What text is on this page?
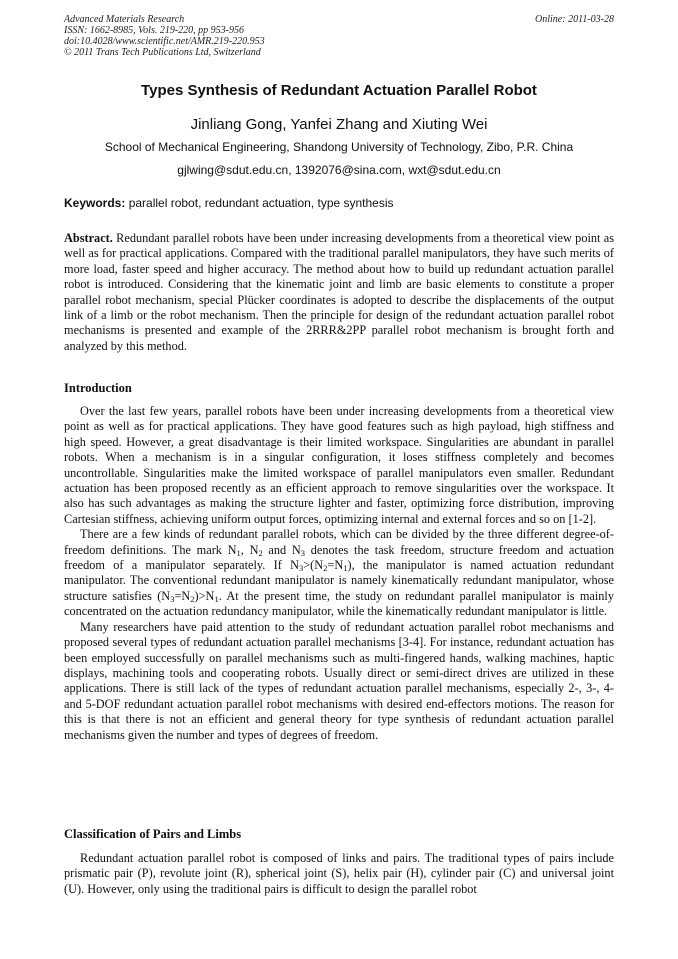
Advanced Materials Research
ISSN: 1662-8985, Vols. 219-220, pp 953-956
doi:10.4028/www.scientific.net/AMR.219-220.953
© 2011 Trans Tech Publications Ltd, Switzerland
Online: 2011-03-28
Types Synthesis of Redundant Actuation Parallel Robot
Jinliang Gong, Yanfei Zhang and Xiuting Wei
School of Mechanical Engineering, Shandong University of Technology, Zibo, P.R. China
gjlwing@sdut.edu.cn, 1392076@sina.com, wxt@sdut.edu.cn
Keywords: parallel robot, redundant actuation, type synthesis
Abstract. Redundant parallel robots have been under increasing developments from a theoretical view point as well as for practical applications. Compared with the traditional parallel manipulators, they have such merits of more load, faster speed and higher accuracy. The method about how to build up redundant actuation parallel robot is introduced. Considering that the kinematic joint and limb are basic elements to constitute a proper parallel robot mechanism, special Plücker coordinates is adopted to describe the displacements of the output link of a limb or the robot mechanism. Then the principle for design of the redundant actuation parallel robot mechanisms is presented and example of the 2RRR&2PP parallel robot mechanism is brought forth and analyzed by this method.
Introduction

Over the last few years, parallel robots have been under increasing developments from a theoretical view point as well as for practical applications. They have good features such as high payload, high stiffness and high speed. However, a great disadvantage is their limited workspace. Singularities are abundant in parallel robots. When a mechanism is in a singular configuration, it loses stiffness completely and becomes uncontrollable. Singularities make the limited workspace of parallel manipulators even smaller. Redundant actuation has been proposed recently as an efficient approach to remove singularities over the workspace. It also has such advantages as making the structure lighter and faster, optimizing force distribution, improving Cartesian stiffness, achieving uniform output forces, optimizing internal and external forces and so on [1-2].

There are a few kinds of redundant parallel robots, which can be divided by the three different degree-of-freedom definitions. The mark $N_1$, $N_2$ and $N_3$ denotes the task freedom, structure freedom and actuation freedom of a manipulator separately. If $N_3>(N_2=N_1)$, the manipulator is named actuation redundant manipulator. The conventional redundant manipulator is namely kinematically redundant manipulator, whose structure satisfies $(N_3=N_2)>N_1$. At the present time, the study on redundant parallel manipulator is mainly concentrated on the actuation redundancy manipulator, while the kinematically redundant manipulator is little.

Many researchers have paid attention to the study of redundant actuation parallel robot mechanisms and proposed several types of redundant actuation parallel mechanisms [3-4]. For instance, redundant actuation has been employed successfully on parallel mechanisms such as multi-fingered hands, walking machines, haptic displays, machining tools and cooperating robots. Usually direct or semi-direct drives are utilized in these applications. There is still lack of the types of redundant actuation parallel mechanisms, especially 2-, 3-, 4- and 5-DOF redundant actuation parallel robot mechanisms with desired end-effectors motions. The reason for this is that there is not an efficient and general theory for type synthesis of redundant actuation parallel mechanisms given the number and types of degrees of freedom.

Classification of Pairs and Limbs

Redundant actuation parallel robot is composed of links and pairs. The traditional types of pairs include prismatic pair (P), revolute joint (R), spherical joint (S), helix pair (H), cylinder pair (C) and universal joint (U). However, only using the traditional pairs is difficult to design the parallel robot
